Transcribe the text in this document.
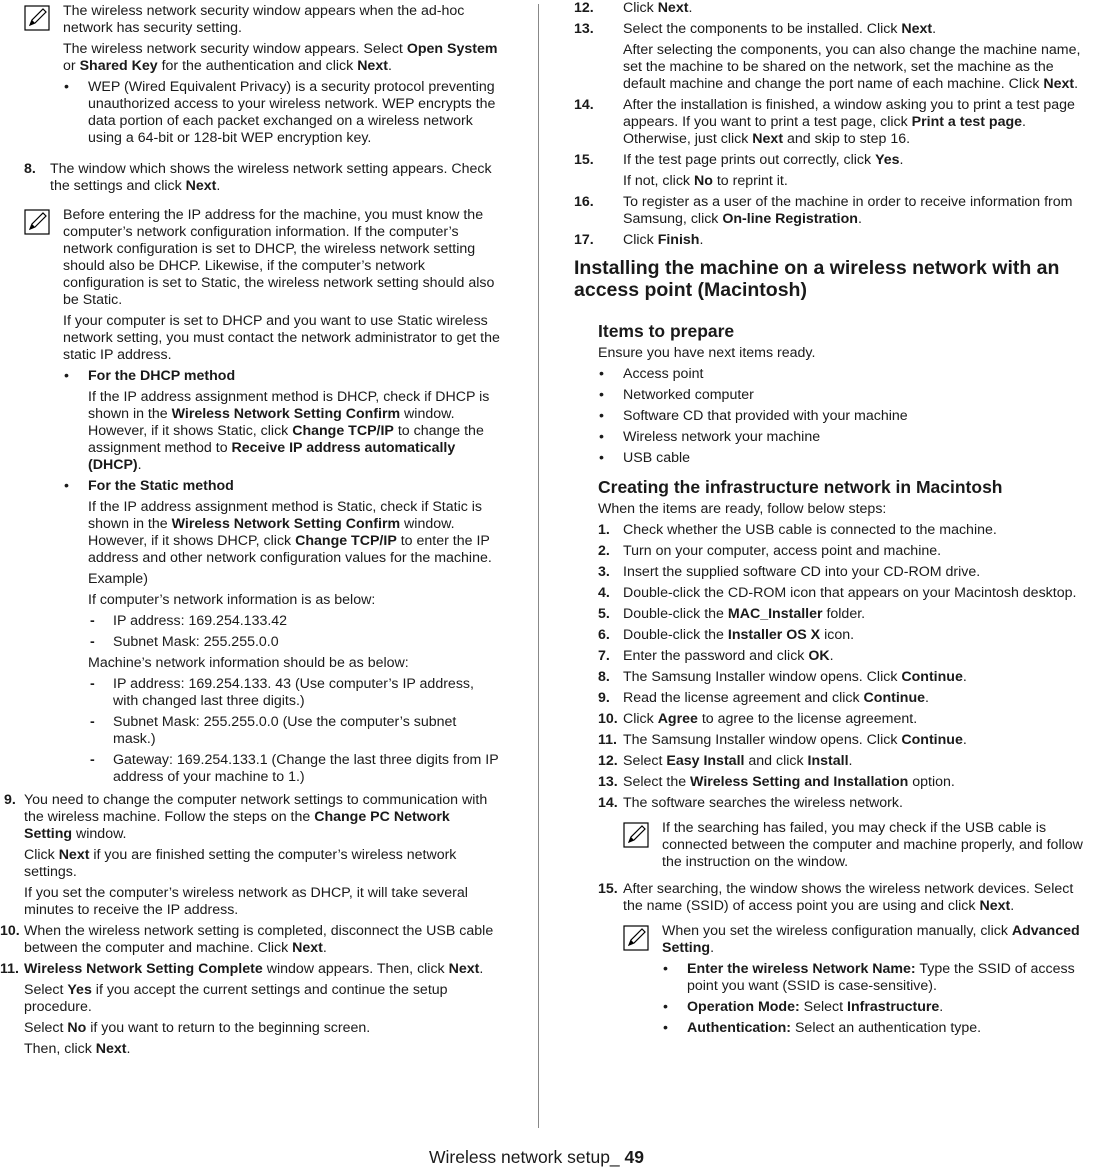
The wireless network security window appears when the ad-hoc network has security setting.

The wireless network security window appears. Select Open System or Shared Key for the authentication and click Next.

• WEP (Wired Equivalent Privacy) is a security protocol preventing unauthorized access to your wireless network. WEP encrypts the data portion of each packet exchanged on a wireless network using a 64-bit or 128-bit WEP encryption key.
8. The window which shows the wireless network setting appears. Check the settings and click Next.

Before entering the IP address for the machine, you must know the computer’s network configuration information. If the computer’s network configuration is set to DHCP, the wireless network setting should also be DHCP. Likewise, if the computer’s network configuration is set to Static, the wireless network setting should also be Static.

If your computer is set to DHCP and you want to use Static wireless network setting, you must contact the network administrator to get the static IP address.

• For the DHCP method

If the IP address assignment method is DHCP, check if DHCP is shown in the Wireless Network Setting Confirm window. However, if it shows Static, click Change TCP/IP to change the assignment method to Receive IP address automatically (DHCP).

• For the Static method

If the IP address assignment method is Static, check if Static is shown in the Wireless Network Setting Confirm window. However, if it shows DHCP, click Change TCP/IP to enter the IP address and other network configuration values for the machine.

Example)

If computer’s network information is as below:

- IP address: 169.254.133.42
- Subnet Mask: 255.255.0.0

Machine’s network information should be as below:

- IP address: 169.254.133. 43 (Use computer’s IP address, with changed last three digits.)
- Subnet Mask: 255.255.0.0 (Use the computer’s subnet mask.)
- Gateway: 169.254.133.1 (Change the last three digits from IP address of your machine to 1.)
9. You need to change the computer network settings to communication with the wireless machine. Follow the steps on the Change PC Network Setting window.

Click Next if you are finished setting the computer’s wireless network settings.

If you set the computer’s wireless network as DHCP, it will take several minutes to receive the IP address.

10. When the wireless network setting is completed, disconnect the USB cable between the computer and machine. Click Next.

11. Wireless Network Setting Complete window appears. Then, click Next.

Select Yes if you accept the current settings and continue the setup procedure.

Select No if you want to return to the beginning screen.

Then, click Next.

12.	Click Next.

13.	Select the components to be installed. Click Next.

After selecting the components, you can also change the machine name, set the machine to be shared on the network, set the machine as the default machine and change the port name of each machine. Click Next.

14.	After the installation is finished, a window asking you to print a test page appears. If you want to print a test page, click Print a test page. Otherwise, just click Next and skip to step 16.

15.	If the test page prints out correctly, click Yes.

If not, click No to reprint it.

16.	To register as a user of the machine in order to receive information from Samsung, click On-line Registration.

17.	Click Finish.

Installing the machine on a wireless network with an access point (Macintosh)
Items to prepare

Ensure you have next items ready.

• Access point
• Networked computer
• Software CD that provided with your machine
• Wireless network your machine
• USB cable
Creating the infrastructure network in Macintosh

When the items are ready, follow below steps:

1. Check whether the USB cable is connected to the machine.

2. Turn on your computer, access point and machine.

3. Insert the supplied software CD into your CD-ROM drive.

4. Double-click the CD-ROM icon that appears on your Macintosh desktop.

5. Double-click the MAC_Installer folder.

6. Double-click the Installer OS X icon.

7. Enter the password and click OK.

8. The Samsung Installer window opens. Click Continue.

9. Read the license agreement and click Continue.

10. Click Agree to agree to the license agreement.

11. The Samsung Installer window opens. Click Continue.

12. Select Easy Install and click Install.

13. Select the Wireless Setting and Installation option.

14. The software searches the wireless network.

If the searching has failed, you may check if the USB cable is connected between the computer and machine properly, and follow the instruction on the window.

15. After searching, the window shows the wireless network devices. Select the name (SSID) of access point you are using and click Next.

When you set the wireless configuration manually, click Advanced Setting.

• Enter the wireless Network Name: Type the SSID of access point you want (SSID is case-sensitive).
• Operation Mode: Select Infrastructure.
• Authentication: Select an authentication type.
Wireless network setup_ 49
